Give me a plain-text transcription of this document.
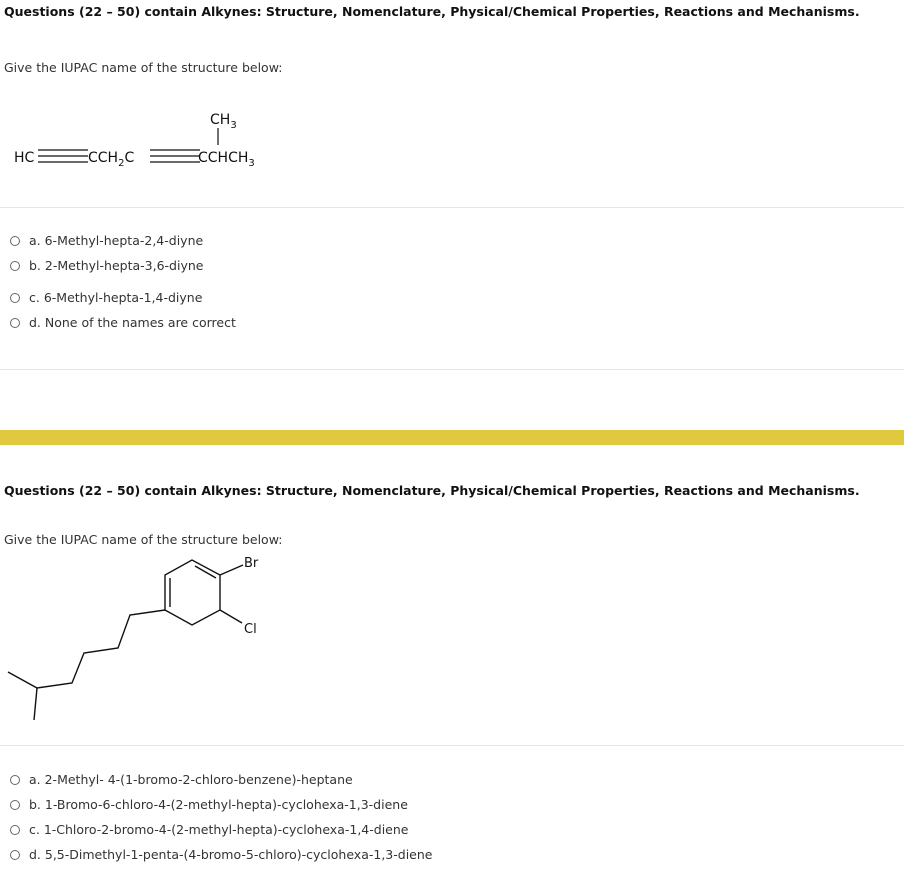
Questions (22 – 50) contain Alkynes: Structure, Nomenclature, Physical/Chemical Properties, Reactions and Mechanisms.
Give the IUPAC name of the structure below:
$CH_3$
HC	$CCH_2C$	$CCHCH_3$
a. 6-Methyl-hepta-2,4-diyne
b. 2-Methyl-hepta-3,6-diyne
c. 6-Methyl-hepta-1,4-diyne
d. None of the names are correct
Questions (22 – 50) contain Alkynes: Structure, Nomenclature, Physical/Chemical Properties, Reactions and Mechanisms.
Give the IUPAC name of the structure below:
Br
Cl
a. 2-Methyl- 4-(1-bromo-2-chloro-benzene)-heptane
b. 1-Bromo-6-chloro-4-(2-methyl-hepta)-cyclohexa-1,3-diene
c. 1-Chloro-2-bromo-4-(2-methyl-hepta)-cyclohexa-1,4-diene
d. 5,5-Dimethyl-1-penta-(4-bromo-5-chloro)-cyclohexa-1,3-diene
